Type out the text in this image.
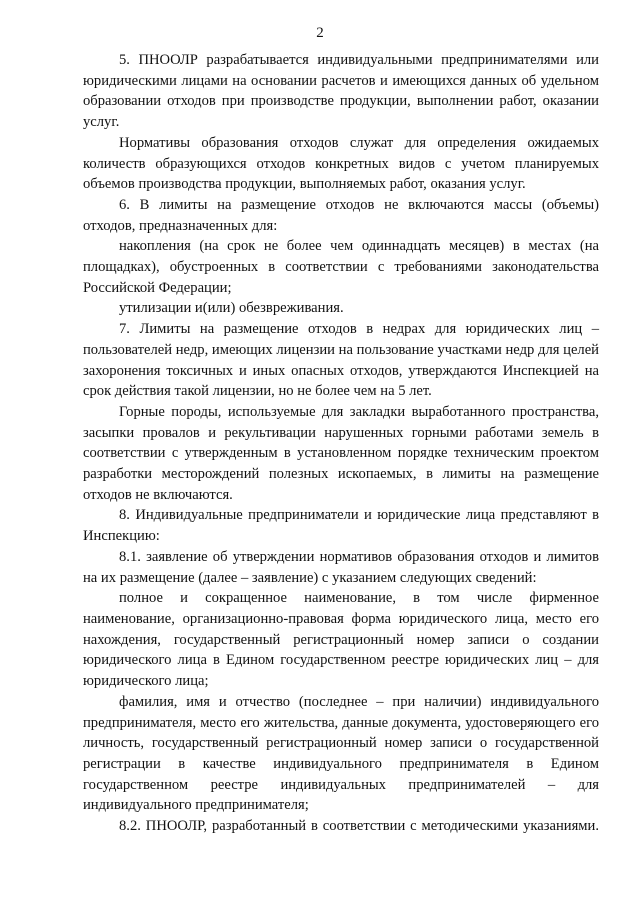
2

5. ПНООЛР разрабатывается индивидуальными предпринимателями или юридическими лицами на основании расчетов и имеющихся данных об удельном образовании отходов при производстве продукции, выполнении работ, оказании услуг.

Нормативы образования отходов служат для определения ожидаемых количеств образующихся отходов конкретных видов с учетом планируемых объемов производства продукции, выполняемых работ, оказания услуг.

6. В лимиты на размещение отходов не включаются массы (объемы) отходов, предназначенных для:

накопления (на срок не более чем одиннадцать месяцев) в местах (на площадках), обустроенных в соответствии с требованиями законодательства Российской Федерации;

утилизации и(или) обезвреживания.

7. Лимиты на размещение отходов в недрах для юридических лиц – пользователей недр, имеющих лицензии на пользование участками недр для целей захоронения токсичных и иных опасных отходов, утверждаются Инспекцией на срок действия такой лицензии, но не более чем на 5 лет.

Горные породы, используемые для закладки выработанного пространства, засыпки провалов и рекультивации нарушенных горными работами земель в соответствии с утвержденным в установленном порядке техническим проектом разработки месторождений полезных ископаемых, в лимиты на размещение отходов не включаются.

8. Индивидуальные предприниматели и юридические лица представляют в Инспекцию:

8.1. заявление об утверждении нормативов образования отходов и лимитов на их размещение (далее – заявление) с указанием следующих сведений:

полное и сокращенное наименование, в том числе фирменное наименование, организационно-правовая форма юридического лица, место его нахождения, государственный регистрационный номер записи о создании юридического лица в Едином государственном реестре юридических лиц – для юридического лица;

фамилия, имя и отчество (последнее – при наличии) индивидуального предпринимателя, место его жительства, данные документа, удостоверяющего его личность, государственный регистрационный номер записи о государственной регистрации в качестве индивидуального предпринимателя в Едином государственном реестре индивидуальных предпринимателей – для индивидуального предпринимателя;

8.2. ПНООЛР, разработанный в соответствии с методическими указаниями.
